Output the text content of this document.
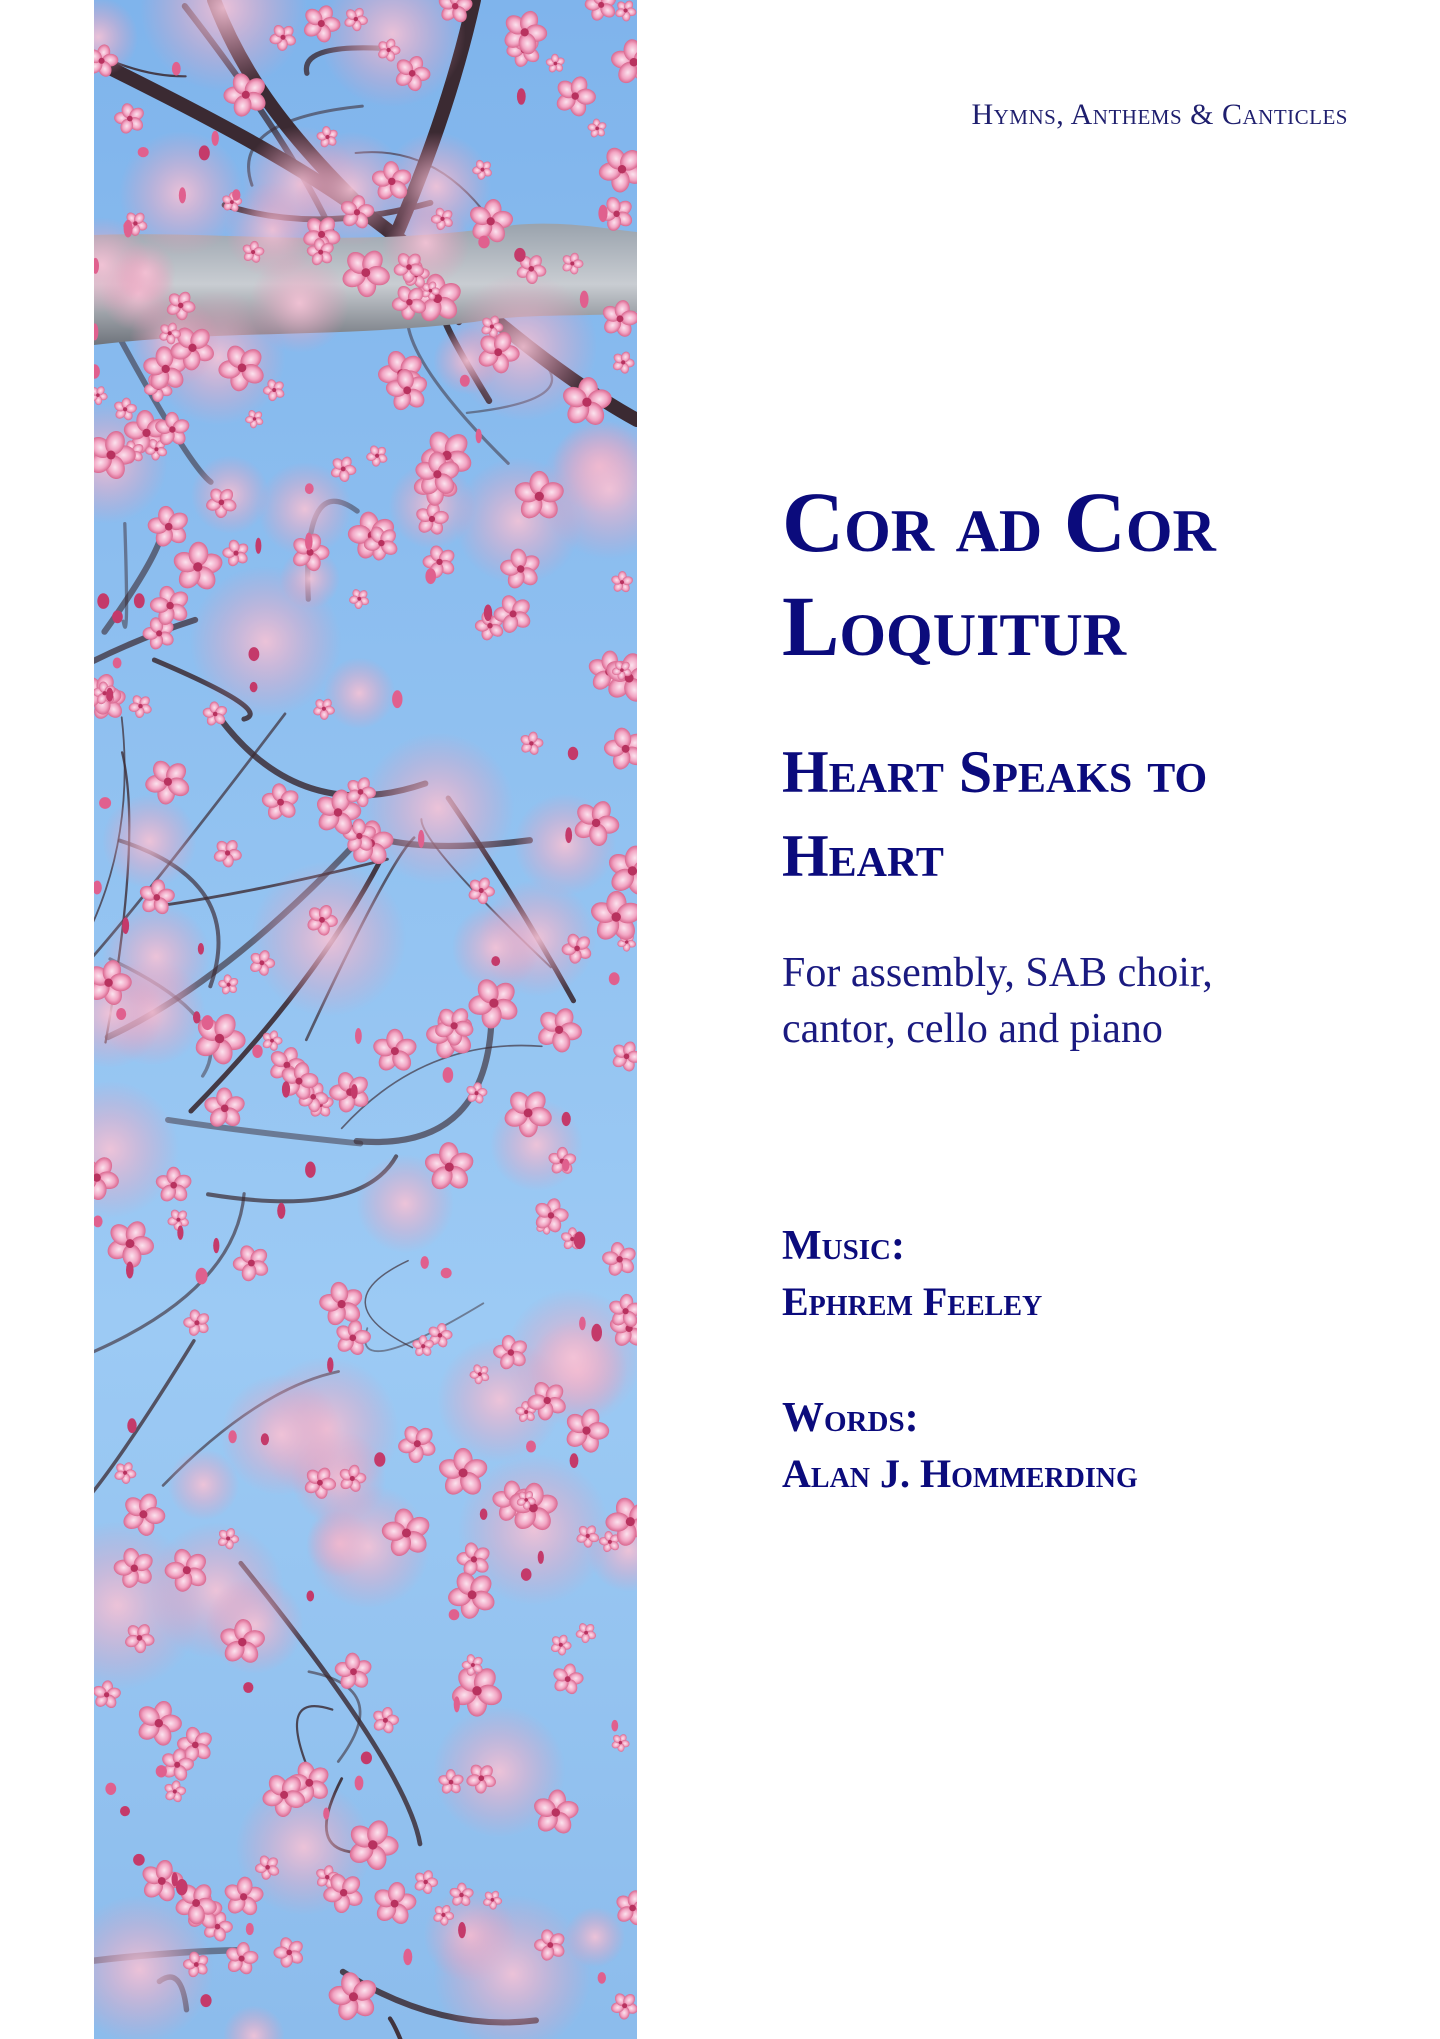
Hymns, Anthems & Canticles
Cor ad Cor
Loquitur
Heart Speaks to
Heart

For assembly, SAB choir,
cantor, cello and piano

Music:

Ephrem Feeley

Words:

Alan J. Hommerding
